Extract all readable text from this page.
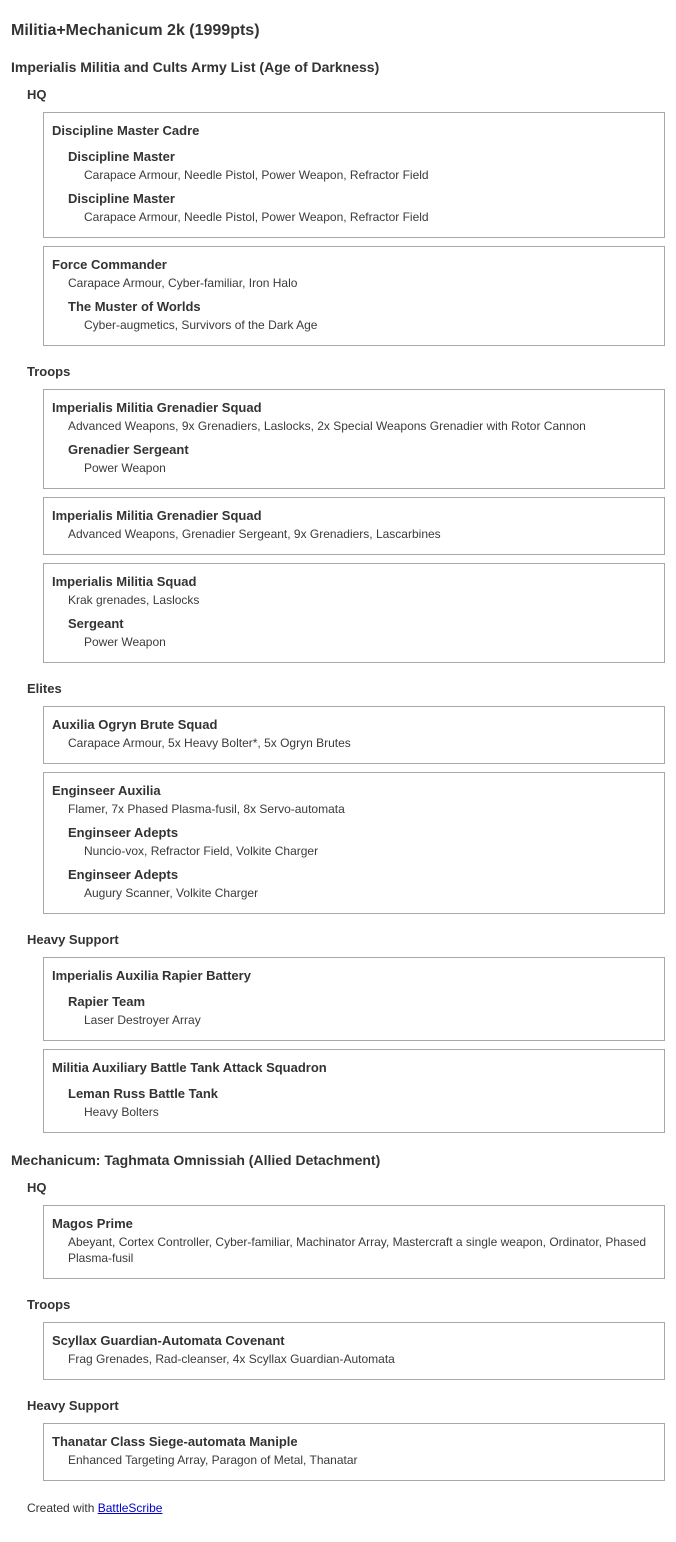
Militia+Mechanicum 2k (1999pts)
Imperialis Militia and Cults Army List (Age of Darkness)
HQ
Discipline Master Cadre
Discipline Master
Carapace Armour, Needle Pistol, Power Weapon, Refractor Field
Discipline Master
Carapace Armour, Needle Pistol, Power Weapon, Refractor Field
Force Commander
Carapace Armour, Cyber-familiar, Iron Halo
The Muster of Worlds
Cyber-augmetics, Survivors of the Dark Age
Troops
Imperialis Militia Grenadier Squad
Advanced Weapons, 9x Grenadiers, Laslocks, 2x Special Weapons Grenadier with Rotor Cannon
Grenadier Sergeant
Power Weapon
Imperialis Militia Grenadier Squad
Advanced Weapons, Grenadier Sergeant, 9x Grenadiers, Lascarbines
Imperialis Militia Squad
Krak grenades, Laslocks
Sergeant
Power Weapon
Elites
Auxilia Ogryn Brute Squad
Carapace Armour, 5x Heavy Bolter*, 5x Ogryn Brutes
Enginseer Auxilia
Flamer, 7x Phased Plasma-fusil, 8x Servo-automata
Enginseer Adepts
Nuncio-vox, Refractor Field, Volkite Charger
Enginseer Adepts
Augury Scanner, Volkite Charger
Heavy Support
Imperialis Auxilia Rapier Battery
Rapier Team
Laser Destroyer Array
Militia Auxiliary Battle Tank Attack Squadron
Leman Russ Battle Tank
Heavy Bolters
Mechanicum: Taghmata Omnissiah (Allied Detachment)
HQ
Magos Prime
Abeyant, Cortex Controller, Cyber-familiar, Machinator Array, Mastercraft a single weapon, Ordinator, Phased Plasma-fusil
Troops
Scyllax Guardian-Automata Covenant
Frag Grenades, Rad-cleanser, 4x Scyllax Guardian-Automata
Heavy Support
Thanatar Class Siege-automata Maniple
Enhanced Targeting Array, Paragon of Metal, Thanatar
Created with BattleScribe
